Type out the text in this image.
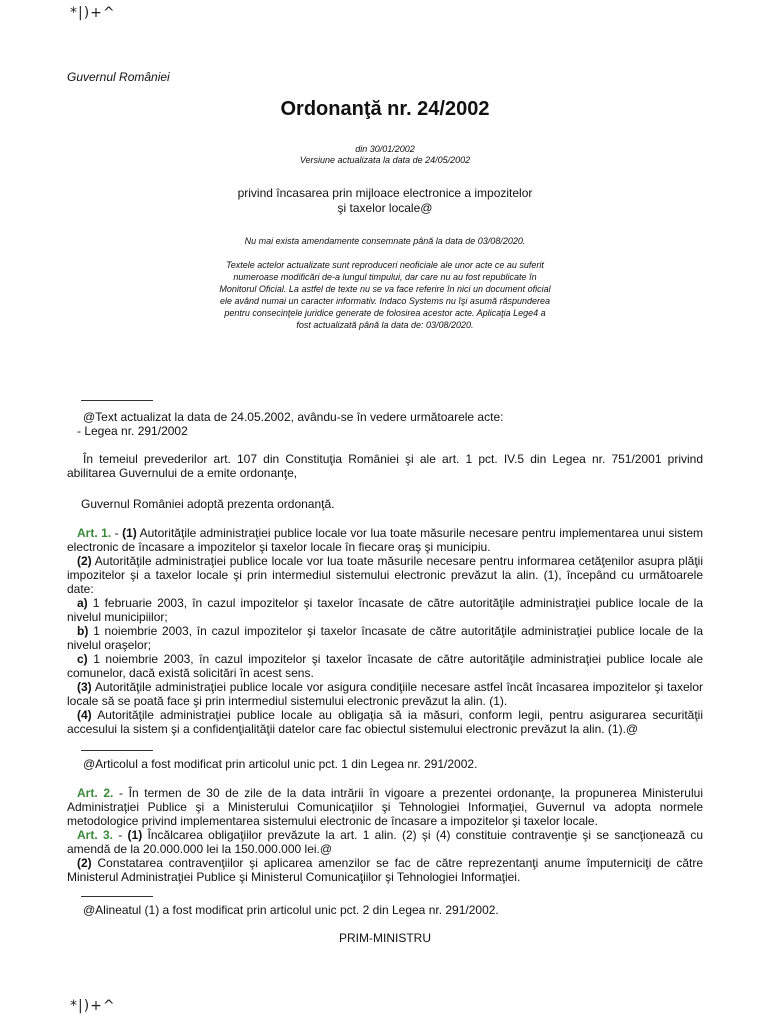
*|)+^
Guvernul României
Ordonanţă nr. 24/2002
din 30/01/2002
Versiune actualizata la data de 24/05/2002

privind încasarea prin mijloace electronice a impozitelor

şi taxelor locale@

Nu mai exista amendamente consemnate până la data de 03/08/2020.
Textele actelor actualizate sunt reproduceri neoficiale ale unor acte ce au suferit numeroase modificări de-a lungul timpului, dar care nu au fost republicate în Monitorul Oficial. La astfel de texte nu se va face referire în nici un document oficial ele având numai un caracter informativ. Indaco Systems nu îşi asumă răspunderea pentru consecinţele juridice generate de folosirea acestor acte. Aplicaţia Lege4 a fost actualizată până la data de: 03/08/2020.

@Text actualizat la data de 24.05.2002, avându-se în vedere următoarele acte:

- Legea nr. 291/2002

În temeiul prevederilor art. 107 din Constituţia României şi ale art. 1 pct. IV.5 din Legea nr. 751/2001 privind abilitarea Guvernului de a emite ordonanţe,
Guvernul României adoptă prezenta ordonanţă.

Art. 1. - (1) Autorităţile administraţiei publice locale vor lua toate măsurile necesare pentru implementarea unui sistem electronic de încasare a impozitelor şi taxelor locale în fiecare oraş şi municipiu.

(2) Autorităţile administraţiei publice locale vor lua toate măsurile necesare pentru informarea cetăţenilor asupra plăţii impozitelor şi a taxelor locale şi prin intermediul sistemului electronic prevăzut la alin. (1), începând cu următoarele date:

a) 1 februarie 2003, în cazul impozitelor şi taxelor încasate de către autorităţile administraţiei publice locale de la nivelul municipiilor;

b) 1 noiembrie 2003, în cazul impozitelor şi taxelor încasate de către autorităţile administraţiei publice locale de la nivelul oraşelor;

c) 1 noiembrie 2003, în cazul impozitelor şi taxelor încasate de către autorităţile administraţiei publice locale ale comunelor, dacă există solicitări în acest sens.

(3) Autorităţile administraţiei publice locale vor asigura condiţiile necesare astfel încât încasarea impozitelor şi taxelor locale să se poată face şi prin intermediul sistemului electronic prevăzut la alin. (1).

(4) Autorităţile administraţiei publice locale au obligaţia să ia măsuri, conform legii, pentru asigurarea securităţii accesului la sistem şi a confidenţialităţii datelor care fac obiectul sistemului electronic prevăzut la alin. (1).@

@Articolul a fost modificat prin articolul unic pct. 1 din Legea nr. 291/2002.

Art. 2. - În termen de 30 de zile de la data intrării în vigoare a prezentei ordonanţe, la propunerea Ministerului Administraţiei Publice şi a Ministerului Comunicaţiilor şi Tehnologiei Informaţiei, Guvernul va adopta normele metodologice privind implementarea sistemului electronic de încasare a impozitelor şi taxelor locale.

Art. 3. - (1) Încălcarea obligaţiilor prevăzute la art. 1 alin. (2) şi (4) constituie contravenţie şi se sancţionează cu amendă de la 20.000.000 lei la 150.000.000 lei.@

(2) Constatarea contravenţiilor şi aplicarea amenzilor se fac de către reprezentanţi anume împuterniciţi de către Ministerul Administraţiei Publice şi Ministerul Comunicaţiilor şi Tehnologiei Informaţiei.

@Alineatul (1) a fost modificat prin articolul unic pct. 2 din Legea nr. 291/2002.
PRIM-MINISTRU
*|)+^
